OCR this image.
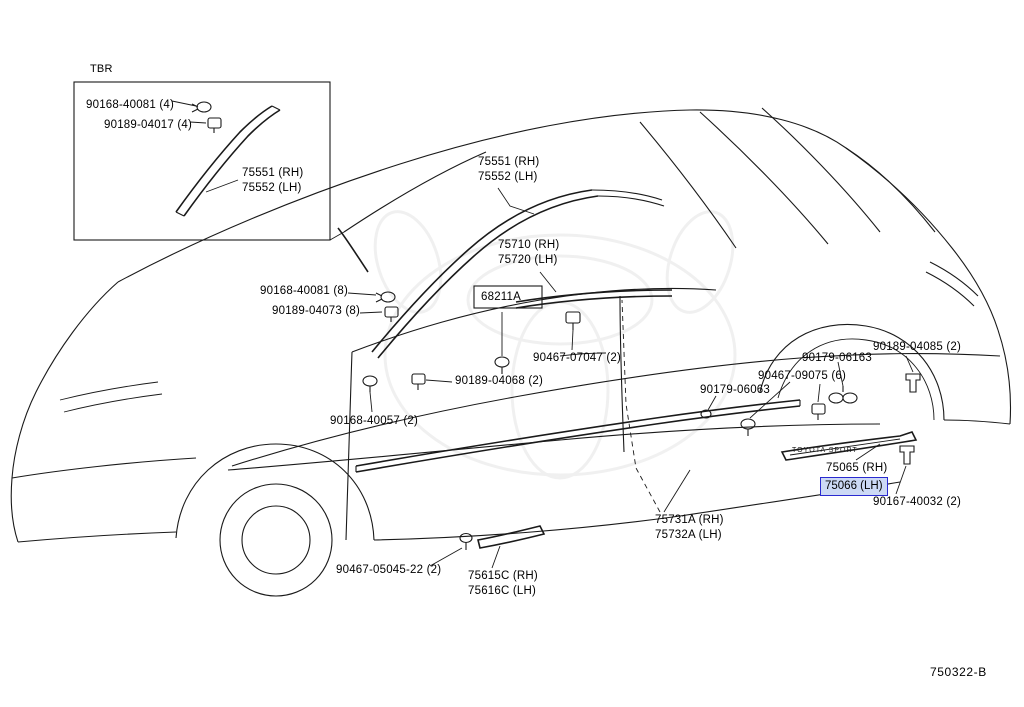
TOYOTA SPORT
TBR
90168-40081 (4)
90189-04017 (4)
75551 (RH)
75552 (LH)
75551 (RH)
75552 (LH)
75710 (RH)
75720 (LH)
68211A
90168-40081 (8)
90189-04073 (8)
90467-07047 (2)
90189-04068 (2)
90168-40057 (2)
90179-06163
90189-04085 (2)
90467-09075 (6)
90179-06063
75065 (RH)
75066 (LH)
90167-40032 (2)
75731A (RH)
75732A (LH)
90467-05045-22 (2) 75615C (RH)
75616C (LH)
750322-B
